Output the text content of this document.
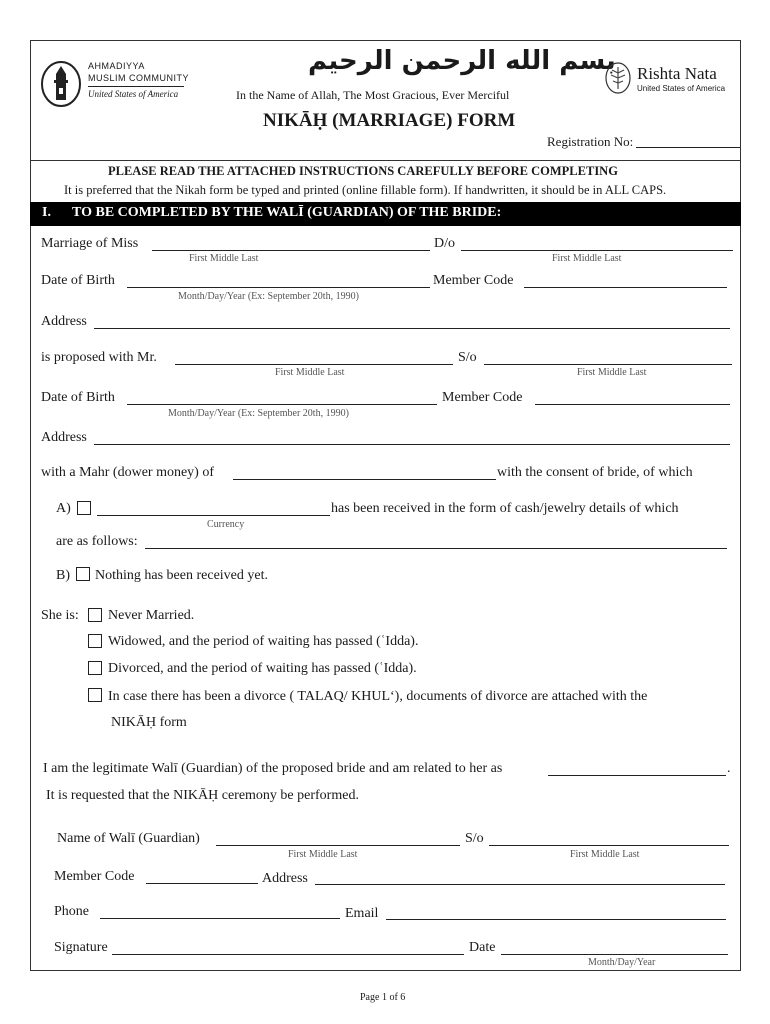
AHMADIYYA
MUSLIM COMMUNITY
United States of America
بسم الله الرحمن الرحيم
In the Name of Allah, The Most Gracious, Ever Merciful
Rishta Nata
United States of America
NIKĀḤ (MARRIAGE) FORM
Registration No:
PLEASE READ THE ATTACHED INSTRUCTIONS CAREFULLY BEFORE COMPLETING
It is preferred that the Nikah form be typed and printed (online fillable form). If handwritten, it should be in ALL CAPS.
I. TO BE COMPLETED BY THE WALĪ (GUARDIAN) OF THE BRIDE:
Marriage of Miss	D/o
First Middle Last	First Middle Last
Date of Birth	Member Code
Month/Day/Year (Ex: September 20th, 1990)
Address
is proposed with Mr.	S/o
First Middle Last	First Middle Last
Date of Birth	Member Code
Month/Day/Year (Ex: September 20th, 1990)
Address
with a Mahr (dower money) of	with the consent of bride, of which
A)	has been received in the form of cash/jewelry details of which
Currency
are as follows:
B) Nothing has been received yet.
She is: Never Married.
Widowed, and the period of waiting has passed (ʿIdda).
Divorced, and the period of waiting has passed (ʿIdda).
In case there has been a divorce ( TALAQ/ KHUL‘), documents of divorce are attached with the
NIKĀḤ form
I am the legitimate Walī (Guardian) of the proposed bride and am related to her as	.
It is requested that the NIKĀḤ ceremony be performed.
Name of Walī (Guardian)	S/o
First Middle Last	First Middle Last
Member Code	Address
Phone	Email
Signature	Date
Month/Day/Year
Page 1 of 6
